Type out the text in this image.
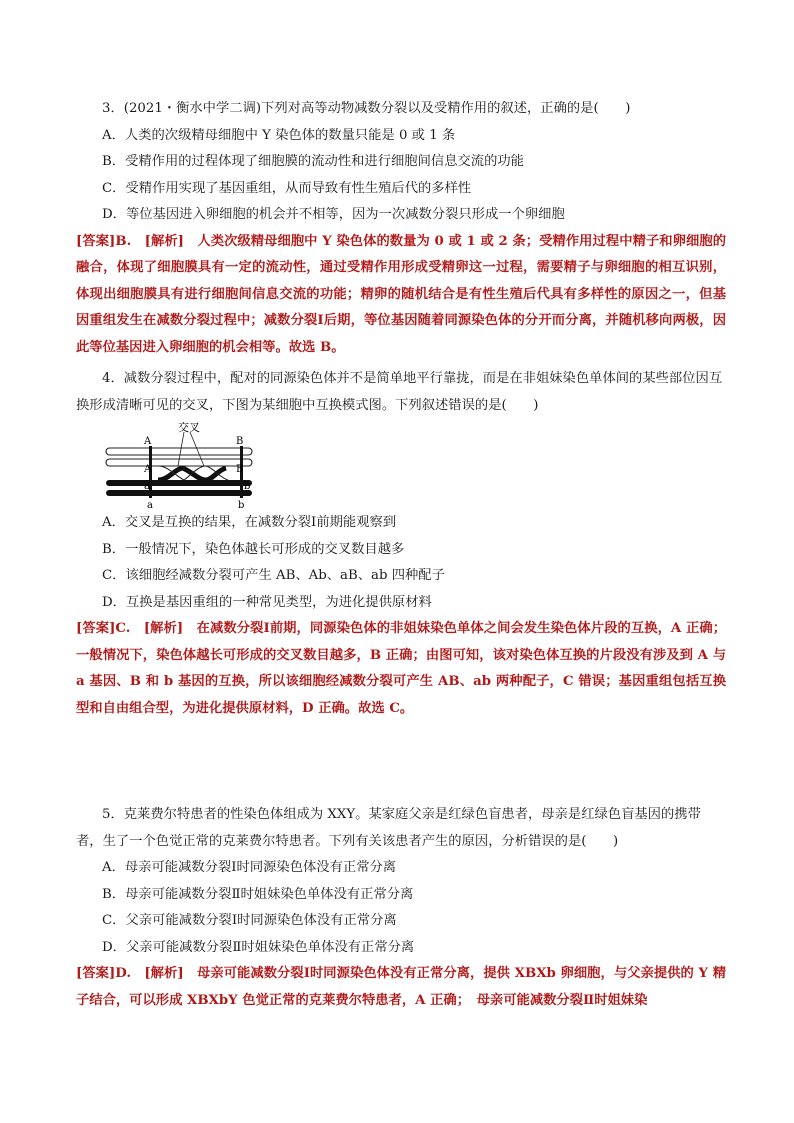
3．(2021・衡水中学二调)下列对高等动物减数分裂以及受精作用的叙述，正确的是(　　)

A．人类的次级精母细胞中 Y 染色体的数量只能是 0 或 1 条

B．受精作用的过程体现了细胞膜的流动性和进行细胞间信息交流的功能

C．受精作用实现了基因重组，从而导致有性生殖后代的多样性

D．等位基因进入卵细胞的机会并不相等，因为一次减数分裂只形成一个卵细胞

[答案]B.　[解析]　人类次级精母细胞中 Y 染色体的数量为 0 或 1 或 2 条；受精作用过程中精子和卵细胞的融合，体现了细胞膜具有一定的流动性，通过受精作用形成受精卵这一过程，需要精子与卵细胞的相互识别，体现出细胞膜具有进行细胞间信息交流的功能；精卵的随机结合是有性生殖后代具有多样性的原因之一，但基因重组发生在减数分裂过程中；减数分裂Ⅰ后期，等位基因随着同源染色体的分开而分离，并随机移向两极，因此等位基因进入卵细胞的机会相等。故选 B。

4．减数分裂过程中，配对的同源染色体并不是简单地平行靠拢，而是在非姐妹染色单体间的某些部位因互换形成清晰可见的交叉，下图为某细胞中互换模式图。下列叙述错误的是(　　)

交叉
A
A
a
a
B
B
b
b

A．交叉是互换的结果，在减数分裂Ⅰ前期能观察到

B．一般情况下，染色体越长可形成的交叉数目越多

C．该细胞经减数分裂可产生 AB、Ab、aB、ab 四种配子

D．互换是基因重组的一种常见类型，为进化提供原材料

[答案]C.　[解析]　在减数分裂Ⅰ前期，同源染色体的非姐妹染色单体之间会发生染色体片段的互换，A 正确；一般情况下，染色体越长可形成的交叉数目越多，B 正确；由图可知，该对染色体互换的片段没有涉及到 A 与 a 基因、B 和 b 基因的互换，所以该细胞经减数分裂可产生 AB、ab 两种配子，C 错误；基因重组包括互换型和自由组合型，为进化提供原材料，D 正确。故选 C。

5．克莱费尔特患者的性染色体组成为 XXY。某家庭父亲是红绿色盲患者，母亲是红绿色盲基因的携带者，生了一个色觉正常的克莱费尔特患者。下列有关该患者产生的原因，分析错误的是(　　)

A．母亲可能减数分裂Ⅰ时同源染色体没有正常分离

B．母亲可能减数分裂Ⅱ时姐妹染色单体没有正常分离

C．父亲可能减数分裂Ⅰ时同源染色体没有正常分离

D．父亲可能减数分裂Ⅱ时姐妹染色单体没有正常分离

[答案]D.　[解析]　母亲可能减数分裂Ⅰ时同源染色体没有正常分离，提供 XBXb 卵细胞，与父亲提供的 Y 精子结合，可以形成 XBXbY 色觉正常的克莱费尔特患者，A 正确；　母亲可能减数分裂Ⅱ时姐妹染
